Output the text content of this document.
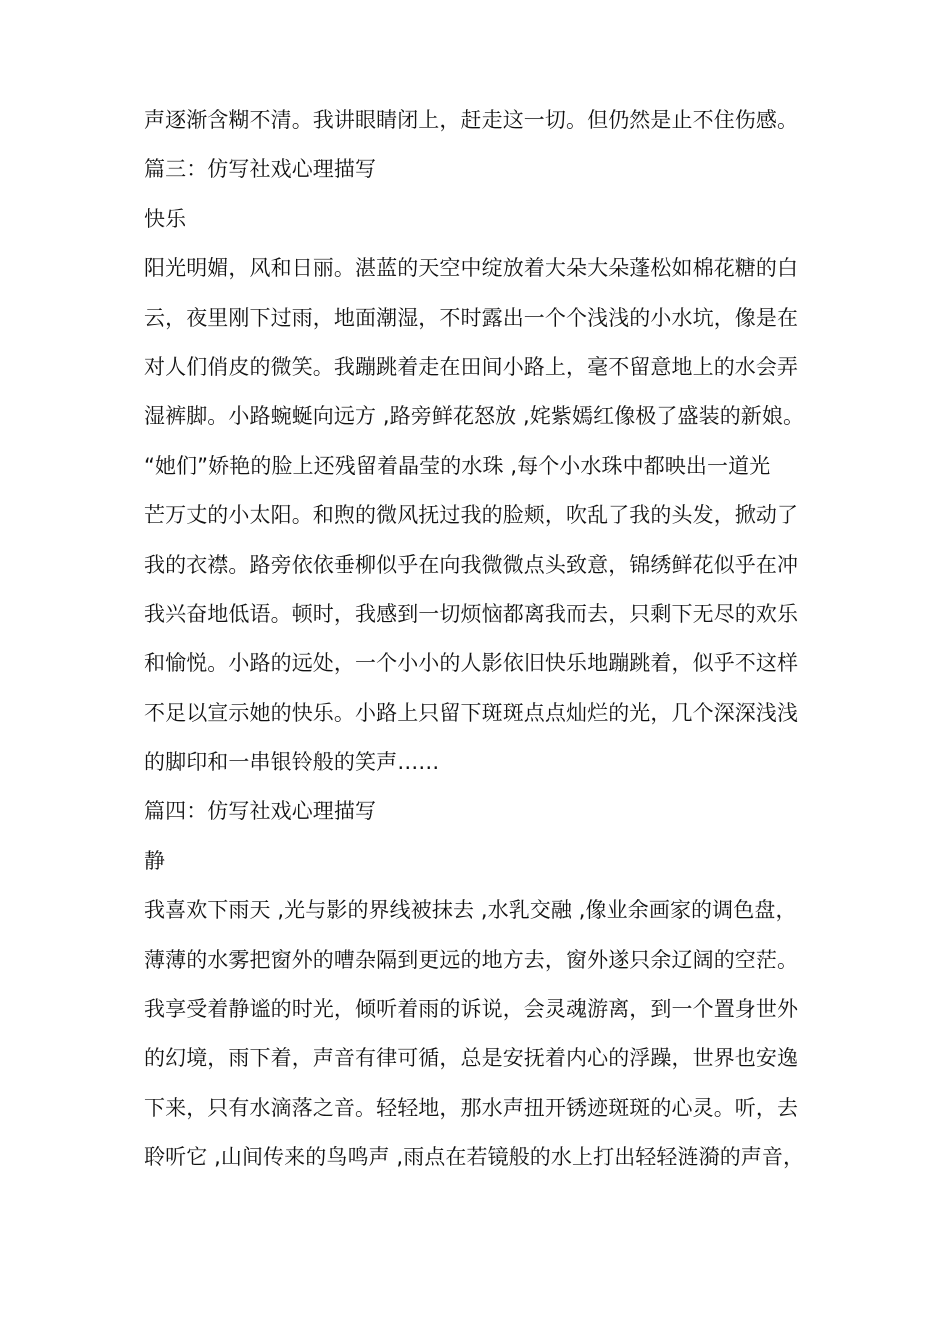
声逐渐含糊不清。我讲眼睛闭上，赶走这一切。但仍然是止不住伤感。
篇三：仿写社戏心理描写
快乐
阳光明媚，风和日丽。湛蓝的天空中绽放着大朵大朵蓬松如棉花糖的白
云，夜里刚下过雨，地面潮湿，不时露出一个个浅浅的小水坑，像是在
对人们俏皮的微笑。我蹦跳着走在田间小路上，毫不留意地上的水会弄
湿裤脚。小路蜿蜒向远方 ,路旁鲜花怒放 ,姹紫嫣红像极了盛装的新娘。
“她们”娇艳的脸上还残留着晶莹的水珠 ,每个小水珠中都映出一道光
芒万丈的小太阳。和煦的微风抚过我的脸颊，吹乱了我的头发，掀动了
我的衣襟。路旁依依垂柳似乎在向我微微点头致意，锦绣鲜花似乎在冲
我兴奋地低语。顿时，我感到一切烦恼都离我而去，只剩下无尽的欢乐
和愉悦。小路的远处，一个小小的人影依旧快乐地蹦跳着，似乎不这样
不足以宣示她的快乐。小路上只留下斑斑点点灿烂的光，几个深深浅浅
的脚印和一串银铃般的笑声……
篇四：仿写社戏心理描写
静
我喜欢下雨天 ,光与影的界线被抹去 ,水乳交融 ,像业余画家的调色盘，
薄薄的水雾把窗外的嘈杂隔到更远的地方去，窗外遂只余辽阔的空茫。
我享受着静谧的时光，倾听着雨的诉说，会灵魂游离，到一个置身世外
的幻境，雨下着，声音有律可循，总是安抚着内心的浮躁，世界也安逸
下来，只有水滴落之音。轻轻地，那水声扭开锈迹斑斑的心灵。听，去
聆听它 ,山间传来的鸟鸣声 ,雨点在若镜般的水上打出轻轻涟漪的声音，
